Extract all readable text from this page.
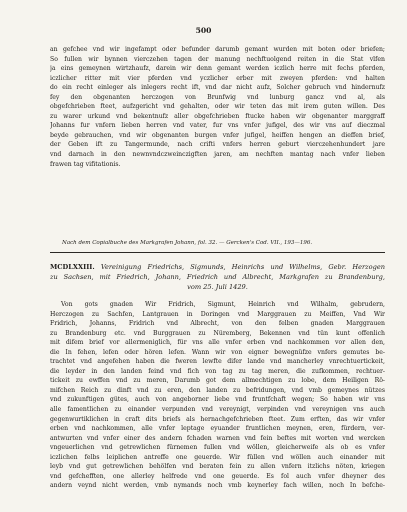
500
an gefchee vnd wir ingefampt oder befunder darumb gemant wurden mit boten oder briefen;
So fullen wir bynnen vierczehen tagen der manung nechftuolgend reiten in die Stat vlfen
ja eins gemeynen wirtzhaufz, darein wir denn gemant werden iczlich herre mit fechs pferden,
iczlicher ritter mit vier pferden vnd yczlicher erber mit zweyen pferden: vnd halten
do ein recht einleger als inlegers recht ift, vnd dar nicht aufz, Solcher gebruch vnd hindernufz
fey den obgenanten herczogen von Brunfwig vnd lunburg gancz vnd al, als
obgefchrieben fteet, aufzgericht vnd gehalten, oder wir teten das mit irem guten willen. Des
zu warer urkund vnd bekentnufz aller obgefchrieben ftucke haben wir obgenanter marggraff
Johanns fur vnfern lieben herren vnd vater, fur vns vnfer jufigel, des wir vns auf dieczmal
beyde gebrauchen, vnd wir obgenanten burgen vnfer jufigel, heiffen hengen an dieffen brief,
der Geben ift zu Tangermunde, nach crifti vnfers herren geburt vierczehenhundert jare
vnd darnach in den newnvndczweinczigften jaren, am nechften mantag nach vnfer lieben
frawen tag vifitationis.
Nach dem Copialbuche des Markgrafen Johann, fol. 32. — Gercken's Cod. VII., 193—196.
MCDLXXIII. Vereinigung Friedrichs, Sigmunds, Heinrichs und Wilhelms, Gebr. Herzogen
zu Sachsen, mit Friedrich, Johann, Friedrich und Albrecht, Markgrafen zu Brandenburg,
vom 25. Juli 1429.
Von gots gnaden Wir Fridrich, Sigmunt, Heinrich vnd Wilhalm, gebrudern,
Herczogen zu Sachfen, Lantgrauen in Doringen vnd Marggrauen zu Meiffen, Vnd Wir
Fridrich, Johanns, Fridrich vnd Albrecht, von den felben gnaden Marggrauen
zu Brandenburg etc. vnd Burggrauen zu Nüremberg, Bekennen vnd tün kunt offenlich
mit difem brief vor allermeniglich, für vns alle vnfer erben vnd nachkommen vor allen den,
die In fehen, lefen oder hören lefen. Wann wir von eigner bewegnüfze vnfers gemutes be-
trachtet vnd angefehen haben die fweren lewfte difer lande vnd mancherley vnrechtuertickeit,
die leyder in den landen feind vnd fich von tag zu tag meren, die zufkommen, rechtuer-
tickeit zu ewffen vnd zu meren, Darumb got dem allmechtigen zu lobe, dem Heiligen Rö-
mifchen Reich zu dinft vnd zu eren, den landen zu befridungen, vnd vmb gemeynes nützes
vnd zukunftigen gütes, auch von angeborner liebe vnd fruntfchaft wegen; So haben wir vns
alle famentlichen zu einander verpunden vnd vereynigt, verpinden vnd vereynigen vns auch
gegenwurtiklichen in craft dits briefs als hernachgefchrieben fteet. Zum erften, das wir vnfer
erben vnd nachkommen, alle vnfer leptage eyuander fruntlichen meynen, eren, fürdern, ver-
antwurten vnd vnfer einer des andern fchaden warnen vnd fein beftes mit worten vnd wercken
vngeuerlichen vnd getrewlichen fürnemen fullen vnd wöllen, gleicherweife als ob es vnfer
iczlichen felbs leiplichen antreffe one geuerde. Wir füllen vnd wöllen auch einander mit
leyb vnd gut getrewlichen behölfen vnd beraten fein zu allen vnfern itzlichs nöten, kriegen
vnd gefchefften, one allerley helfrede vnd one geuerde. Es fol auch vnfer dheyner des
andern veynd nicht werden, vmb nymands noch vmb keynerley fach willen, noch In befche-
